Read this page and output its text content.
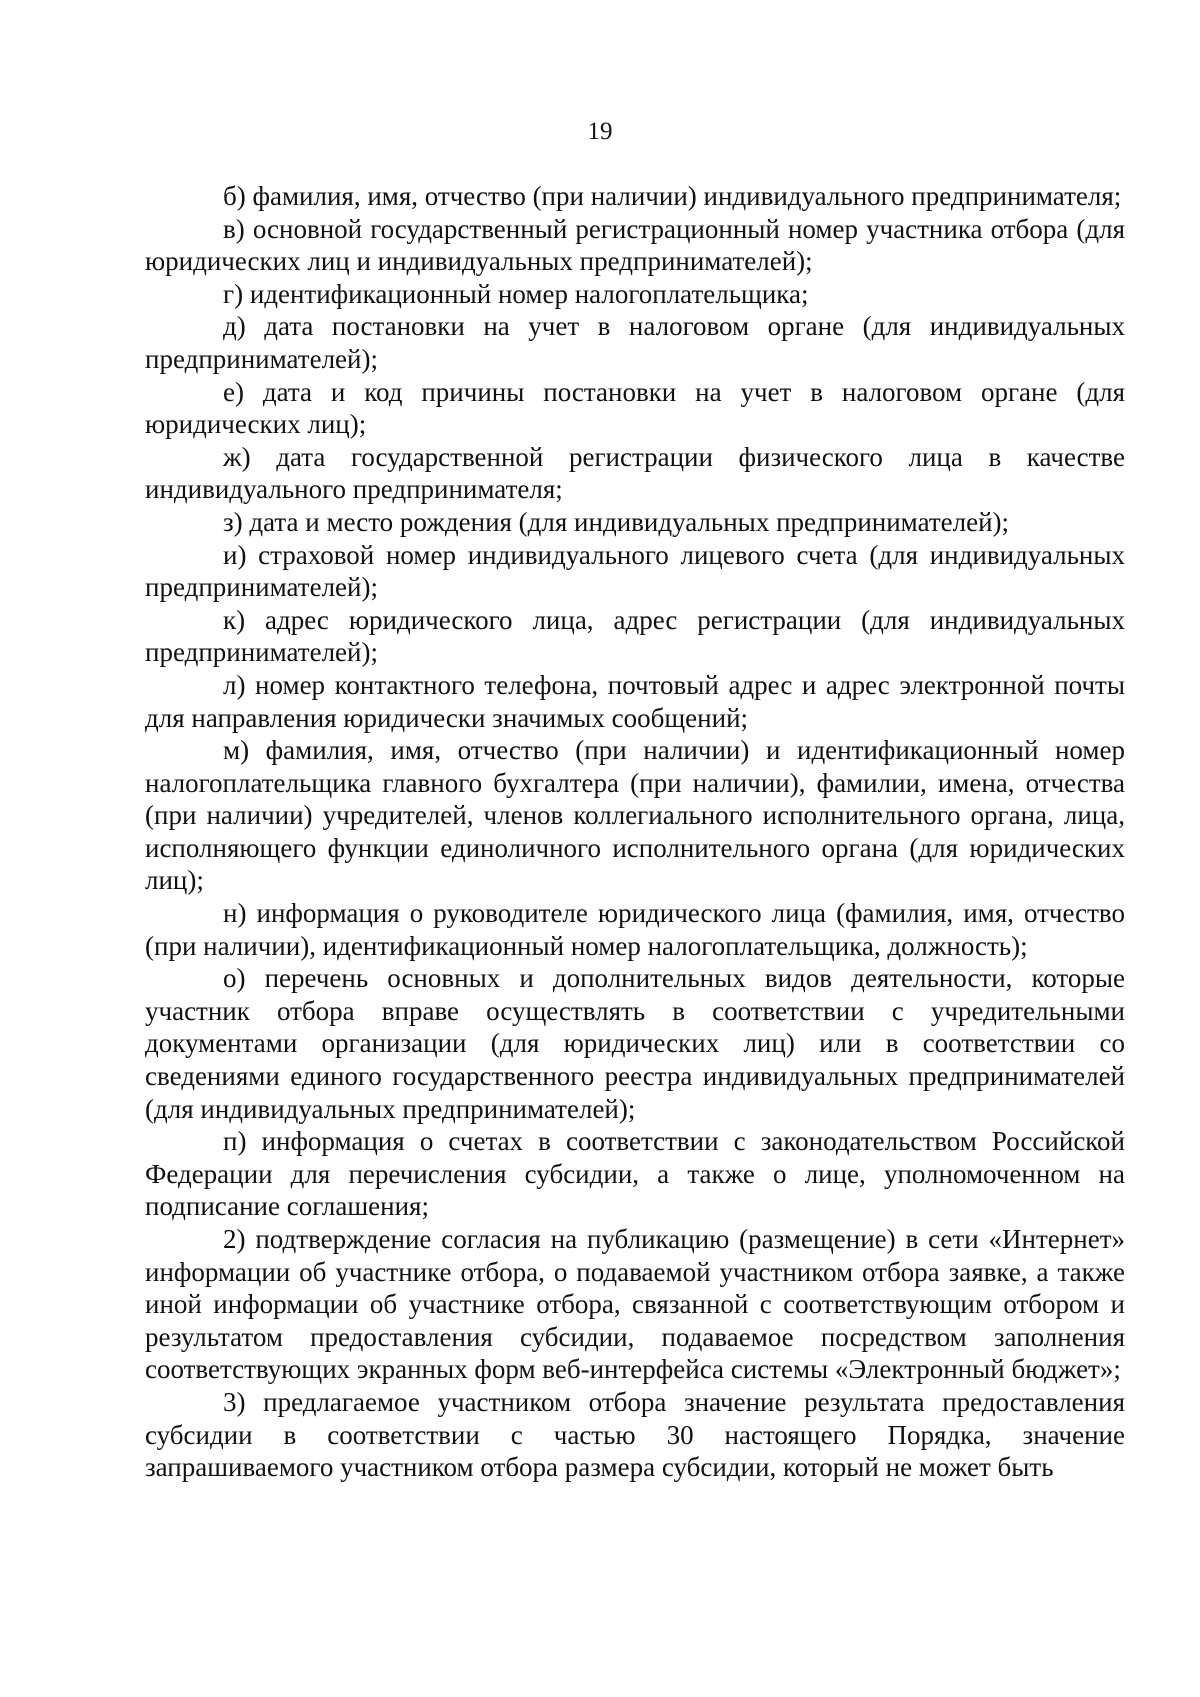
19

б) фамилия, имя, отчество (при наличии) индивидуального предпринимателя;

в) основной государственный регистрационный номер участника отбора (для юридических лиц и индивидуальных предпринимателей);

г) идентификационный номер налогоплательщика;

д) дата постановки на учет в налоговом органе (для индивидуальных предпринимателей);

е) дата и код причины постановки на учет в налоговом органе (для юридических лиц);

ж) дата государственной регистрации физического лица в качестве индивидуального предпринимателя;

з) дата и место рождения (для индивидуальных предпринимателей);

и) страховой номер индивидуального лицевого счета (для индивидуальных предпринимателей);

к) адрес юридического лица, адрес регистрации (для индивидуальных предпринимателей);

л) номер контактного телефона, почтовый адрес и адрес электронной почты для направления юридически значимых сообщений;

м) фамилия, имя, отчество (при наличии) и идентификационный номер налогоплательщика главного бухгалтера (при наличии), фамилии, имена, отчества (при наличии) учредителей, членов коллегиального исполнительного органа, лица, исполняющего функции единоличного исполнительного органа (для юридических лиц);

н) информация о руководителе юридического лица (фамилия, имя, отчество (при наличии), идентификационный номер налогоплательщика, должность);

о) перечень основных и дополнительных видов деятельности, которые участник отбора вправе осуществлять в соответствии с учредительными документами организации (для юридических лиц) или в соответствии со сведениями единого государственного реестра индивидуальных предпринимателей (для индивидуальных предпринимателей);

п) информация о счетах в соответствии с законодательством Российской Федерации для перечисления субсидии, а также о лице, уполномоченном на подписание соглашения;

2) подтверждение согласия на публикацию (размещение) в сети «Интернет» информации об участнике отбора, о подаваемой участником отбора заявке, а также иной информации об участнике отбора, связанной с соответствующим отбором и результатом предоставления субсидии, подаваемое посредством заполнения соответствующих экранных форм веб-интерфейса системы «Электронный бюджет»;

3) предлагаемое участником отбора значение результата предоставления субсидии в соответствии с частью 30 настоящего Порядка, значение запрашиваемого участником отбора размера субсидии, который не может быть
